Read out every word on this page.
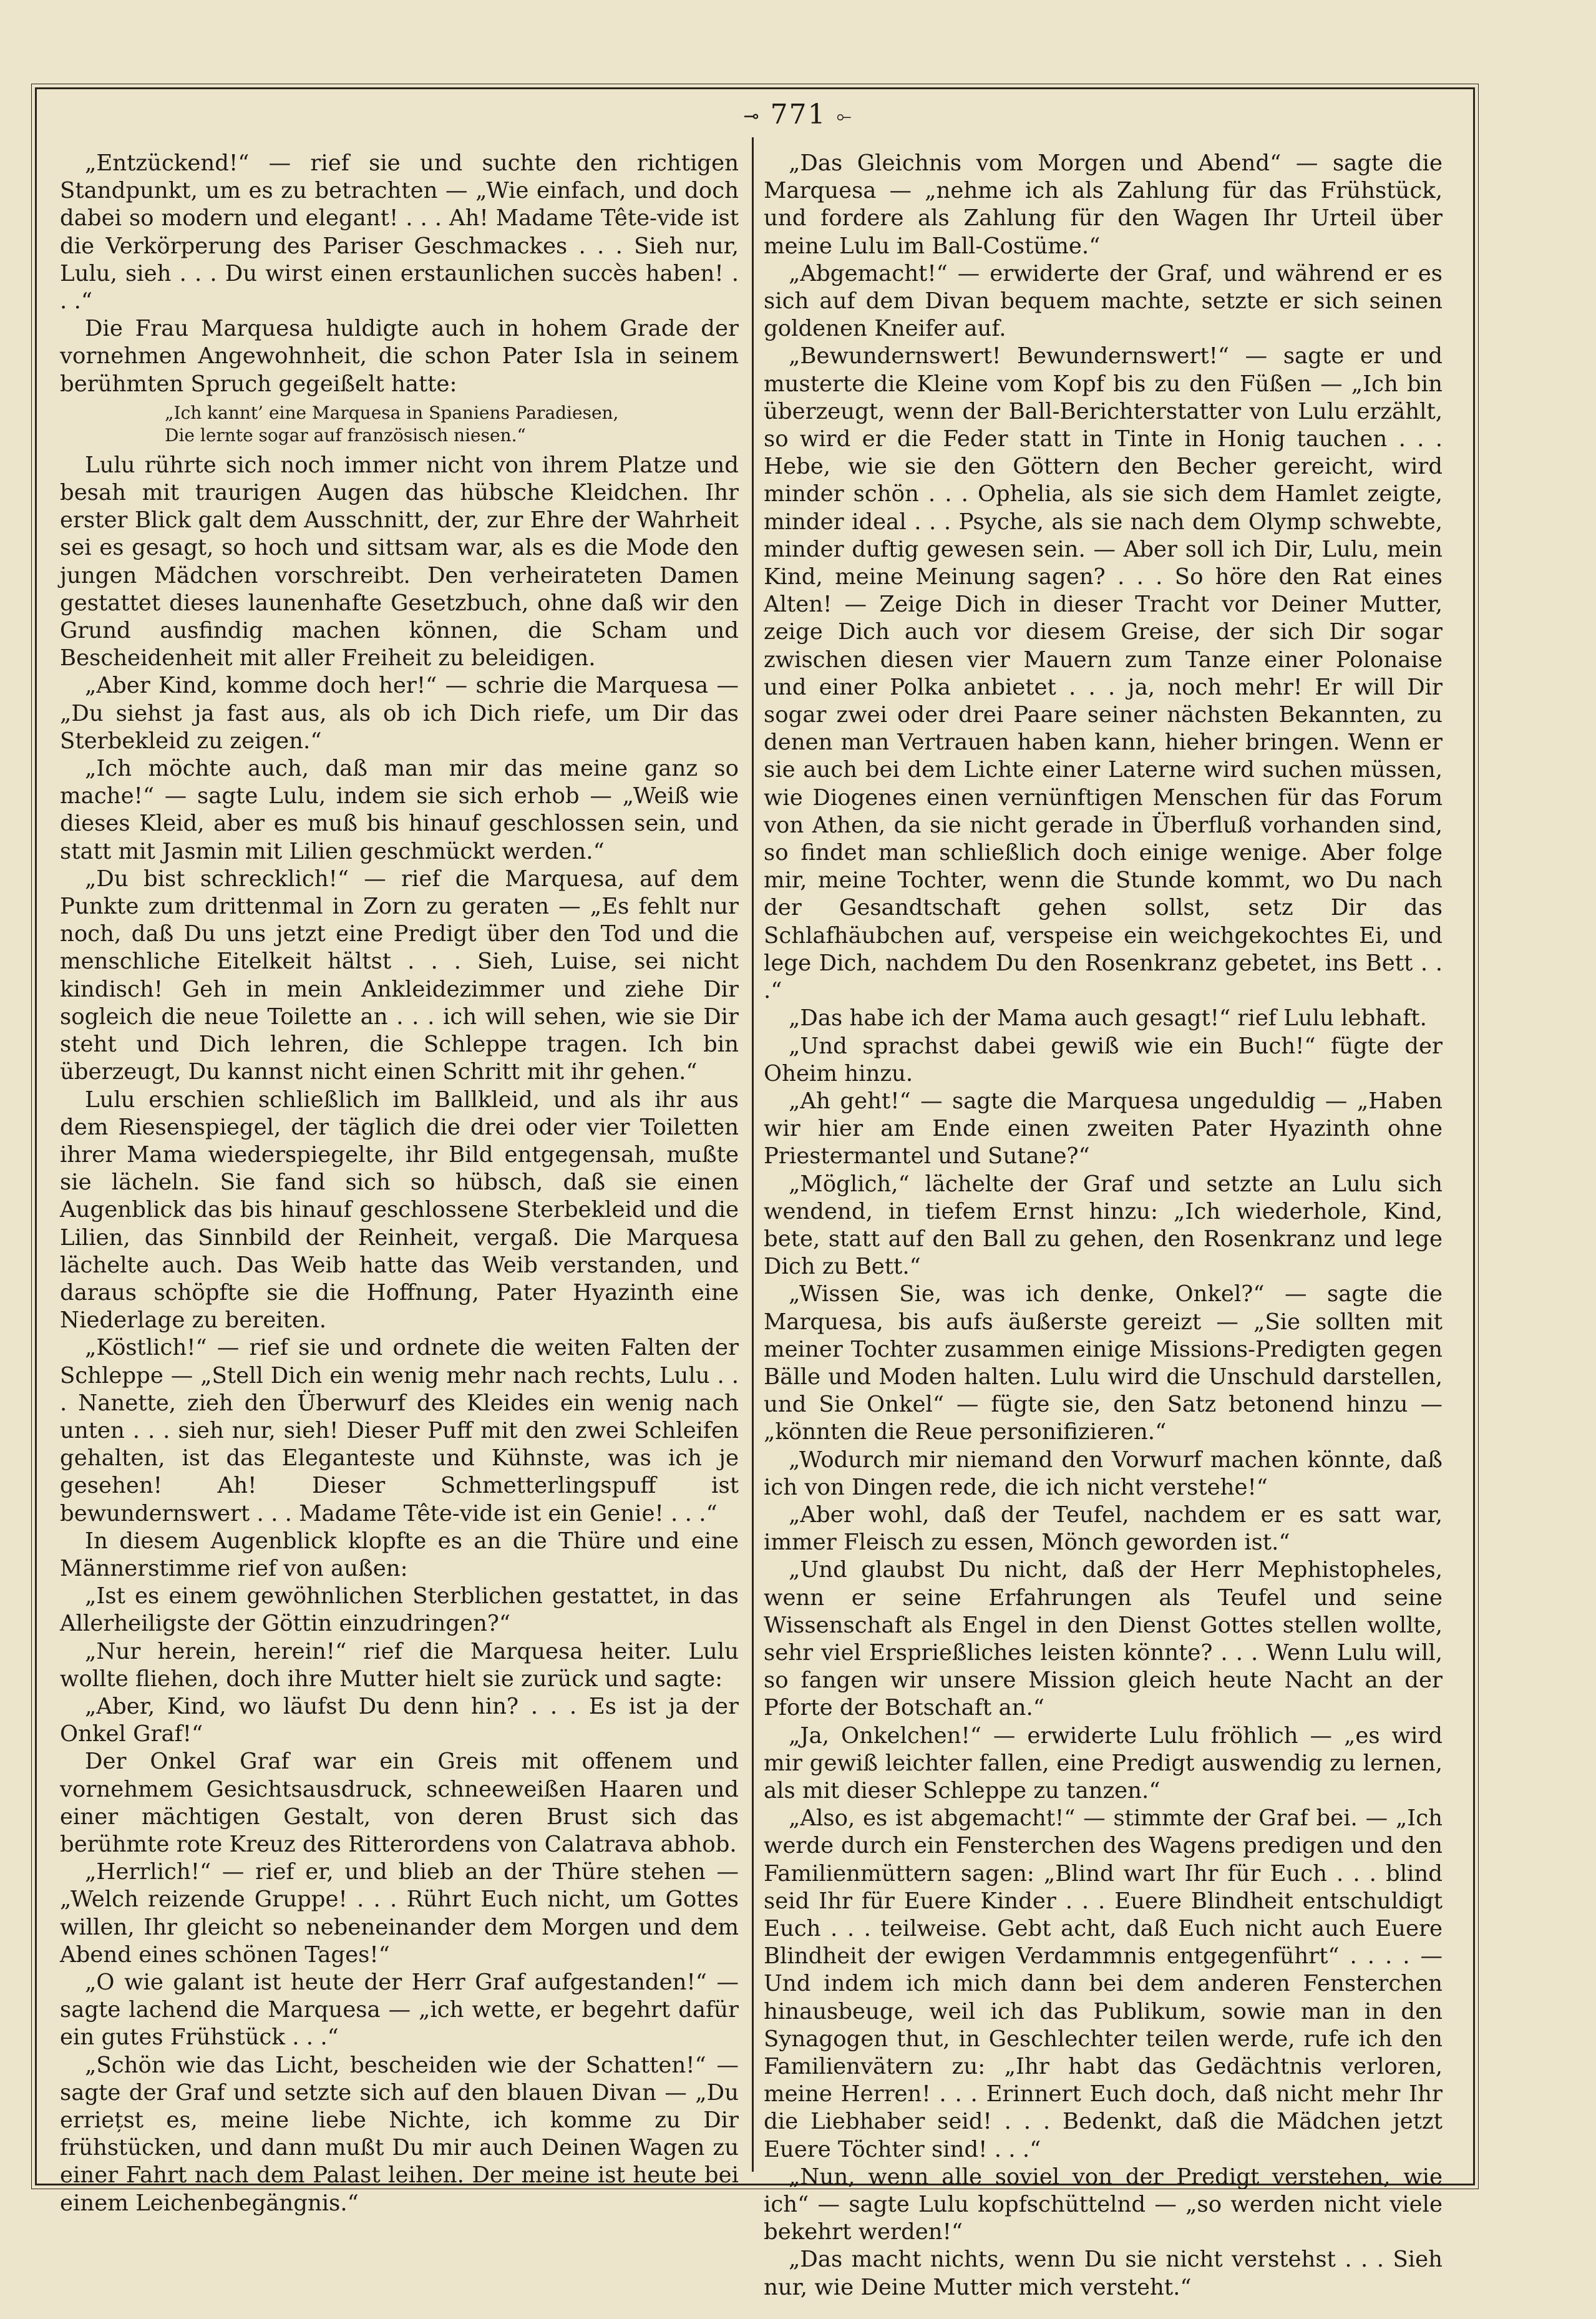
⊸ 771 ⟜

„Entzückend!“ — rief sie und suchte den richtigen Standpunkt, um es zu betrachten — „Wie einfach, und doch dabei so modern und elegant! . . . Ah! Madame Tête-vide ist die Verkörperung des Pariser Geschmackes . . . Sieh nur, Lulu, sieh . . . Du wirst einen erstaunlichen succès haben! . . .“

Die Frau Marquesa huldigte auch in hohem Grade der vornehmen Angewohnheit, die schon Pater Isla in seinem berühmten Spruch gegeißelt hatte:

„Ich kannt’ eine Marquesa in Spaniens Paradiesen,
Die lernte sogar auf französisch niesen.“

Lulu rührte sich noch immer nicht von ihrem Platze und besah mit traurigen Augen das hübsche Kleidchen. Ihr erster Blick galt dem Ausschnitt, der, zur Ehre der Wahrheit sei es gesagt, so hoch und sittsam war, als es die Mode den jungen Mädchen vorschreibt. Den verheirateten Damen gestattet dieses launenhafte Gesetzbuch, ohne daß wir den Grund ausfindig machen können, die Scham und Bescheidenheit mit aller Freiheit zu beleidigen.

„Aber Kind, komme doch her!“ — schrie die Marquesa — „Du siehst ja fast aus, als ob ich Dich riefe, um Dir das Sterbekleid zu zeigen.“

„Ich möchte auch, daß man mir das meine ganz so mache!“ — sagte Lulu, indem sie sich erhob — „Weiß wie dieses Kleid, aber es muß bis hinauf geschlossen sein, und statt mit Jasmin mit Lilien geschmückt werden.“

„Du bist schrecklich!“ — rief die Marquesa, auf dem Punkte zum drittenmal in Zorn zu geraten — „Es fehlt nur noch, daß Du uns jetzt eine Predigt über den Tod und die menschliche Eitelkeit hältst . . . Sieh, Luise, sei nicht kindisch! Geh in mein Ankleidezimmer und ziehe Dir sogleich die neue Toilette an . . . ich will sehen, wie sie Dir steht und Dich lehren, die Schleppe tragen. Ich bin überzeugt, Du kannst nicht einen Schritt mit ihr gehen.“

Lulu erschien schließlich im Ballkleid, und als ihr aus dem Riesenspiegel, der täglich die drei oder vier Toiletten ihrer Mama wiederspiegelte, ihr Bild entgegensah, mußte sie lächeln. Sie fand sich so hübsch, daß sie einen Augenblick das bis hinauf geschlossene Sterbekleid und die Lilien, das Sinnbild der Reinheit, vergaß. Die Marquesa lächelte auch. Das Weib hatte das Weib verstanden, und daraus schöpfte sie die Hoffnung, Pater Hyazinth eine Niederlage zu bereiten.

„Köstlich!“ — rief sie und ordnete die weiten Falten der Schleppe — „Stell Dich ein wenig mehr nach rechts, Lulu . . . Nanette, zieh den Überwurf des Kleides ein wenig nach unten . . . sieh nur, sieh! Dieser Puff mit den zwei Schleifen gehalten, ist das Eleganteste und Kühnste, was ich je gesehen! Ah! Dieser Schmetterlingspuff ist bewundernswert . . . Madame Tête-vide ist ein Genie! . . .“

In diesem Augenblick klopfte es an die Thüre und eine Männerstimme rief von außen:

„Ist es einem gewöhnlichen Sterblichen gestattet, in das Allerheiligste der Göttin einzudringen?“

„Nur herein, herein!“ rief die Marquesa heiter. Lulu wollte fliehen, doch ihre Mutter hielt sie zurück und sagte:

„Aber, Kind, wo läufst Du denn hin? . . . Es ist ja der Onkel Graf!“

Der Onkel Graf war ein Greis mit offenem und vornehmem Gesichtsausdruck, schneeweißen Haaren und einer mächtigen Gestalt, von deren Brust sich das berühmte rote Kreuz des Ritterordens von Calatrava abhob.

„Herrlich!“ — rief er, und blieb an der Thüre stehen — „Welch reizende Gruppe! . . . Rührt Euch nicht, um Gottes willen, Ihr gleicht so nebeneinander dem Morgen und dem Abend eines schönen Tages!“

„O wie galant ist heute der Herr Graf aufgestanden!“ — sagte lachend die Marquesa — „ich wette, er begehrt dafür ein gutes Frühstück . . .“

„Schön wie das Licht, bescheiden wie der Schatten!“ — sagte der Graf und setzte sich auf den blauen Divan — „Du erriețst es, meine liebe Nichte, ich komme zu Dir frühstücken, und dann mußt Du mir auch Deinen Wagen zu einer Fahrt nach dem Palast leihen. Der meine ist heute bei einem Leichenbegängnis.“

„Das Gleichnis vom Morgen und Abend“ — sagte die Marquesa — „nehme ich als Zahlung für das Frühstück, und fordere als Zahlung für den Wagen Ihr Urteil über meine Lulu im Ball-Costüme.“

„Abgemacht!“ — erwiderte der Graf, und während er es sich auf dem Divan bequem machte, setzte er sich seinen goldenen Kneifer auf.

„Bewundernswert! Bewundernswert!“ — sagte er und musterte die Kleine vom Kopf bis zu den Füßen — „Ich bin überzeugt, wenn der Ball-Berichterstatter von Lulu erzählt, so wird er die Feder statt in Tinte in Honig tauchen . . . Hebe, wie sie den Göttern den Becher gereicht, wird minder schön . . . Ophelia, als sie sich dem Hamlet zeigte, minder ideal . . . Psyche, als sie nach dem Olymp schwebte, minder duftig gewesen sein. — Aber soll ich Dir, Lulu, mein Kind, meine Meinung sagen? . . . So höre den Rat eines Alten! — Zeige Dich in dieser Tracht vor Deiner Mutter, zeige Dich auch vor diesem Greise, der sich Dir sogar zwischen diesen vier Mauern zum Tanze einer Polonaise und einer Polka anbietet . . . ja, noch mehr! Er will Dir sogar zwei oder drei Paare seiner nächsten Bekannten, zu denen man Vertrauen haben kann, hieher bringen. Wenn er sie auch bei dem Lichte einer Laterne wird suchen müssen, wie Diogenes einen vernünftigen Menschen für das Forum von Athen, da sie nicht gerade in Überfluß vorhanden sind, so findet man schließlich doch einige wenige. Aber folge mir, meine Tochter, wenn die Stunde kommt, wo Du nach der Gesandtschaft gehen sollst, setz Dir das Schlafhäubchen auf, verspeise ein weichgekochtes Ei, und lege Dich, nachdem Du den Rosenkranz gebetet, ins Bett . . .“

„Das habe ich der Mama auch gesagt!“ rief Lulu lebhaft.

„Und sprachst dabei gewiß wie ein Buch!“ fügte der Oheim hinzu.

„Ah geht!“ — sagte die Marquesa ungeduldig — „Haben wir hier am Ende einen zweiten Pater Hyazinth ohne Priestermantel und Sutane?“

„Möglich,“ lächelte der Graf und setzte an Lulu sich wendend, in tiefem Ernst hinzu: „Ich wiederhole, Kind, bete, statt auf den Ball zu gehen, den Rosenkranz und lege Dich zu Bett.“

„Wissen Sie, was ich denke, Onkel?“ — sagte die Marquesa, bis aufs äußerste gereizt — „Sie sollten mit meiner Tochter zusammen einige Missions-Predigten gegen Bälle und Moden halten. Lulu wird die Unschuld darstellen, und Sie Onkel“ — fügte sie, den Satz betonend hinzu — „könnten die Reue personifizieren.“

„Wodurch mir niemand den Vorwurf machen könnte, daß ich von Dingen rede, die ich nicht verstehe!“

„Aber wohl, daß der Teufel, nachdem er es satt war, immer Fleisch zu essen, Mönch geworden ist.“

„Und glaubst Du nicht, daß der Herr Mephistopheles, wenn er seine Erfahrungen als Teufel und seine Wissenschaft als Engel in den Dienst Gottes stellen wollte, sehr viel Ersprießliches leisten könnte? . . . Wenn Lulu will, so fangen wir unsere Mission gleich heute Nacht an der Pforte der Botschaft an.“

„Ja, Onkelchen!“ — erwiderte Lulu fröhlich — „es wird mir gewiß leichter fallen, eine Predigt auswendig zu lernen, als mit dieser Schleppe zu tanzen.“

„Also, es ist abgemacht!“ — stimmte der Graf bei. — „Ich werde durch ein Fensterchen des Wagens predigen und den Familienmüttern sagen: „Blind wart Ihr für Euch . . . blind seid Ihr für Euere Kinder . . . Euere Blindheit entschuldigt Euch . . . teilweise. Gebt acht, daß Euch nicht auch Euere Blindheit der ewigen Verdammnis entgegenführt“ . . . . — Und indem ich mich dann bei dem anderen Fensterchen hinausbeuge, weil ich das Publikum, sowie man in den Synagogen thut, in Geschlechter teilen werde, rufe ich den Familienvätern zu: „Ihr habt das Gedächtnis verloren, meine Herren! . . . Erinnert Euch doch, daß nicht mehr Ihr die Liebhaber seid! . . . Bedenkt, daß die Mädchen jetzt Euere Töchter sind! . . .“

„Nun, wenn alle soviel von der Predigt verstehen, wie ich“ — sagte Lulu kopfschüttelnd — „so werden nicht viele bekehrt werden!“

„Das macht nichts, wenn Du sie nicht verstehst . . . Sieh nur, wie Deine Mutter mich versteht.“
